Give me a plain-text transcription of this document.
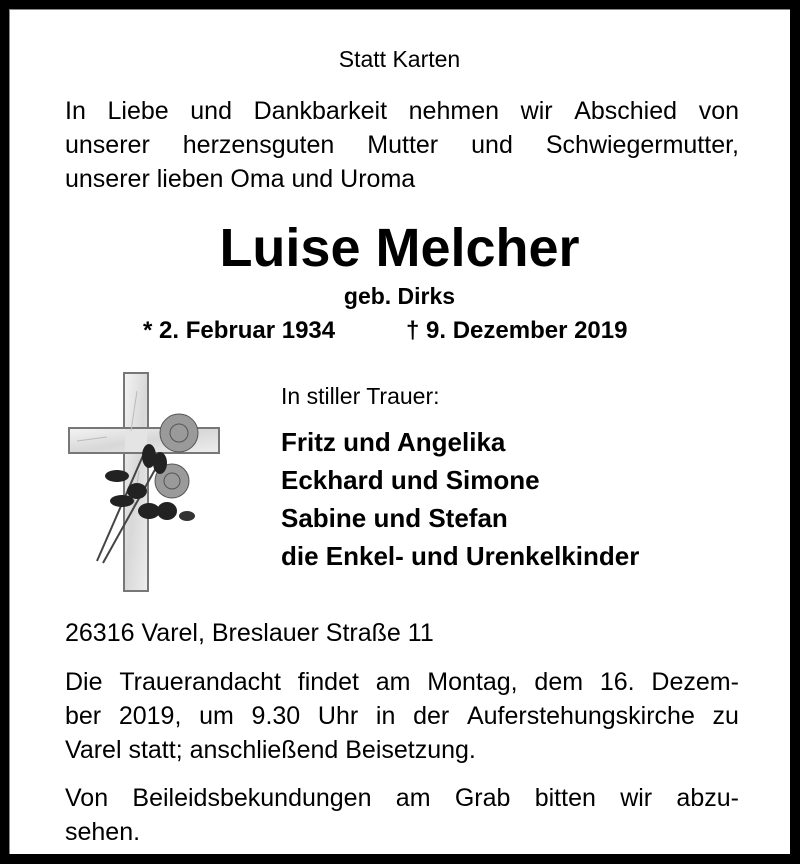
Statt Karten
In Liebe und Dankbarkeit nehmen wir Abschied von
unserer herzensguten Mutter und Schwiegermutter,
unserer lieben Oma und Uroma
Luise Melcher
geb. Dirks
* 2. Februar 1934	† 9. Dezember 2019
In stiller Trauer:
Fritz und Angelika
Eckhard und Simone
Sabine und Stefan
die Enkel- und Urenkelkinder
26316 Varel, Breslauer Straße 11
Die Trauerandacht findet am Montag, dem 16. Dezem-
ber 2019, um 9.30 Uhr in der Auferstehungskirche zu
Varel statt; anschließend Beisetzung.
Von Beileidsbekundungen am Grab bitten wir abzu-
sehen.
